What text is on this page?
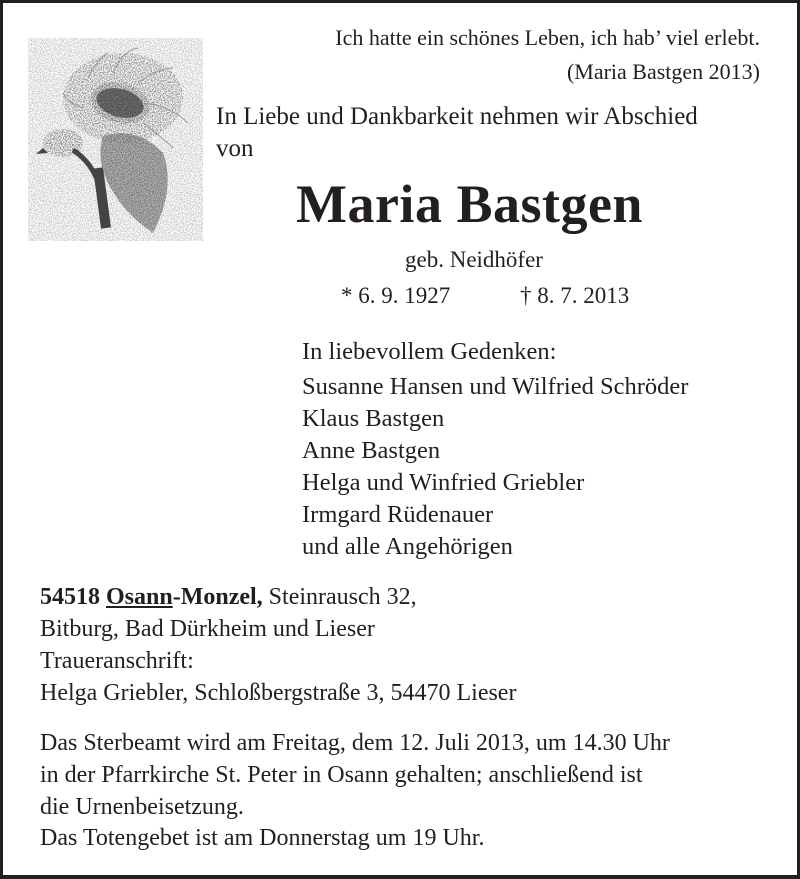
Ich hatte ein schönes Leben, ich hab’ viel erlebt.
(Maria Bastgen 2013)
In Liebe und Dankbarkeit nehmen wir Abschied
von
Maria Bastgen
geb. Neidhöfer
* 6. 9. 1927	† 8. 7. 2013
In liebevollem Gedenken:
Susanne Hansen und Wilfried Schröder
Klaus Bastgen
Anne Bastgen
Helga und Winfried Griebler
Irmgard Rüdenauer
und alle Angehörigen
54518 Osann-Monzel, Steinrausch 32,
Bitburg, Bad Dürkheim und Lieser
Traueranschrift:
Helga Griebler, Schloßbergstraße 3, 54470 Lieser
Das Sterbeamt wird am Freitag, dem 12. Juli 2013, um 14.30 Uhr
in der Pfarrkirche St. Peter in Osann gehalten; anschließend ist
die Urnenbeisetzung.
Das Totengebet ist am Donnerstag um 19 Uhr.
